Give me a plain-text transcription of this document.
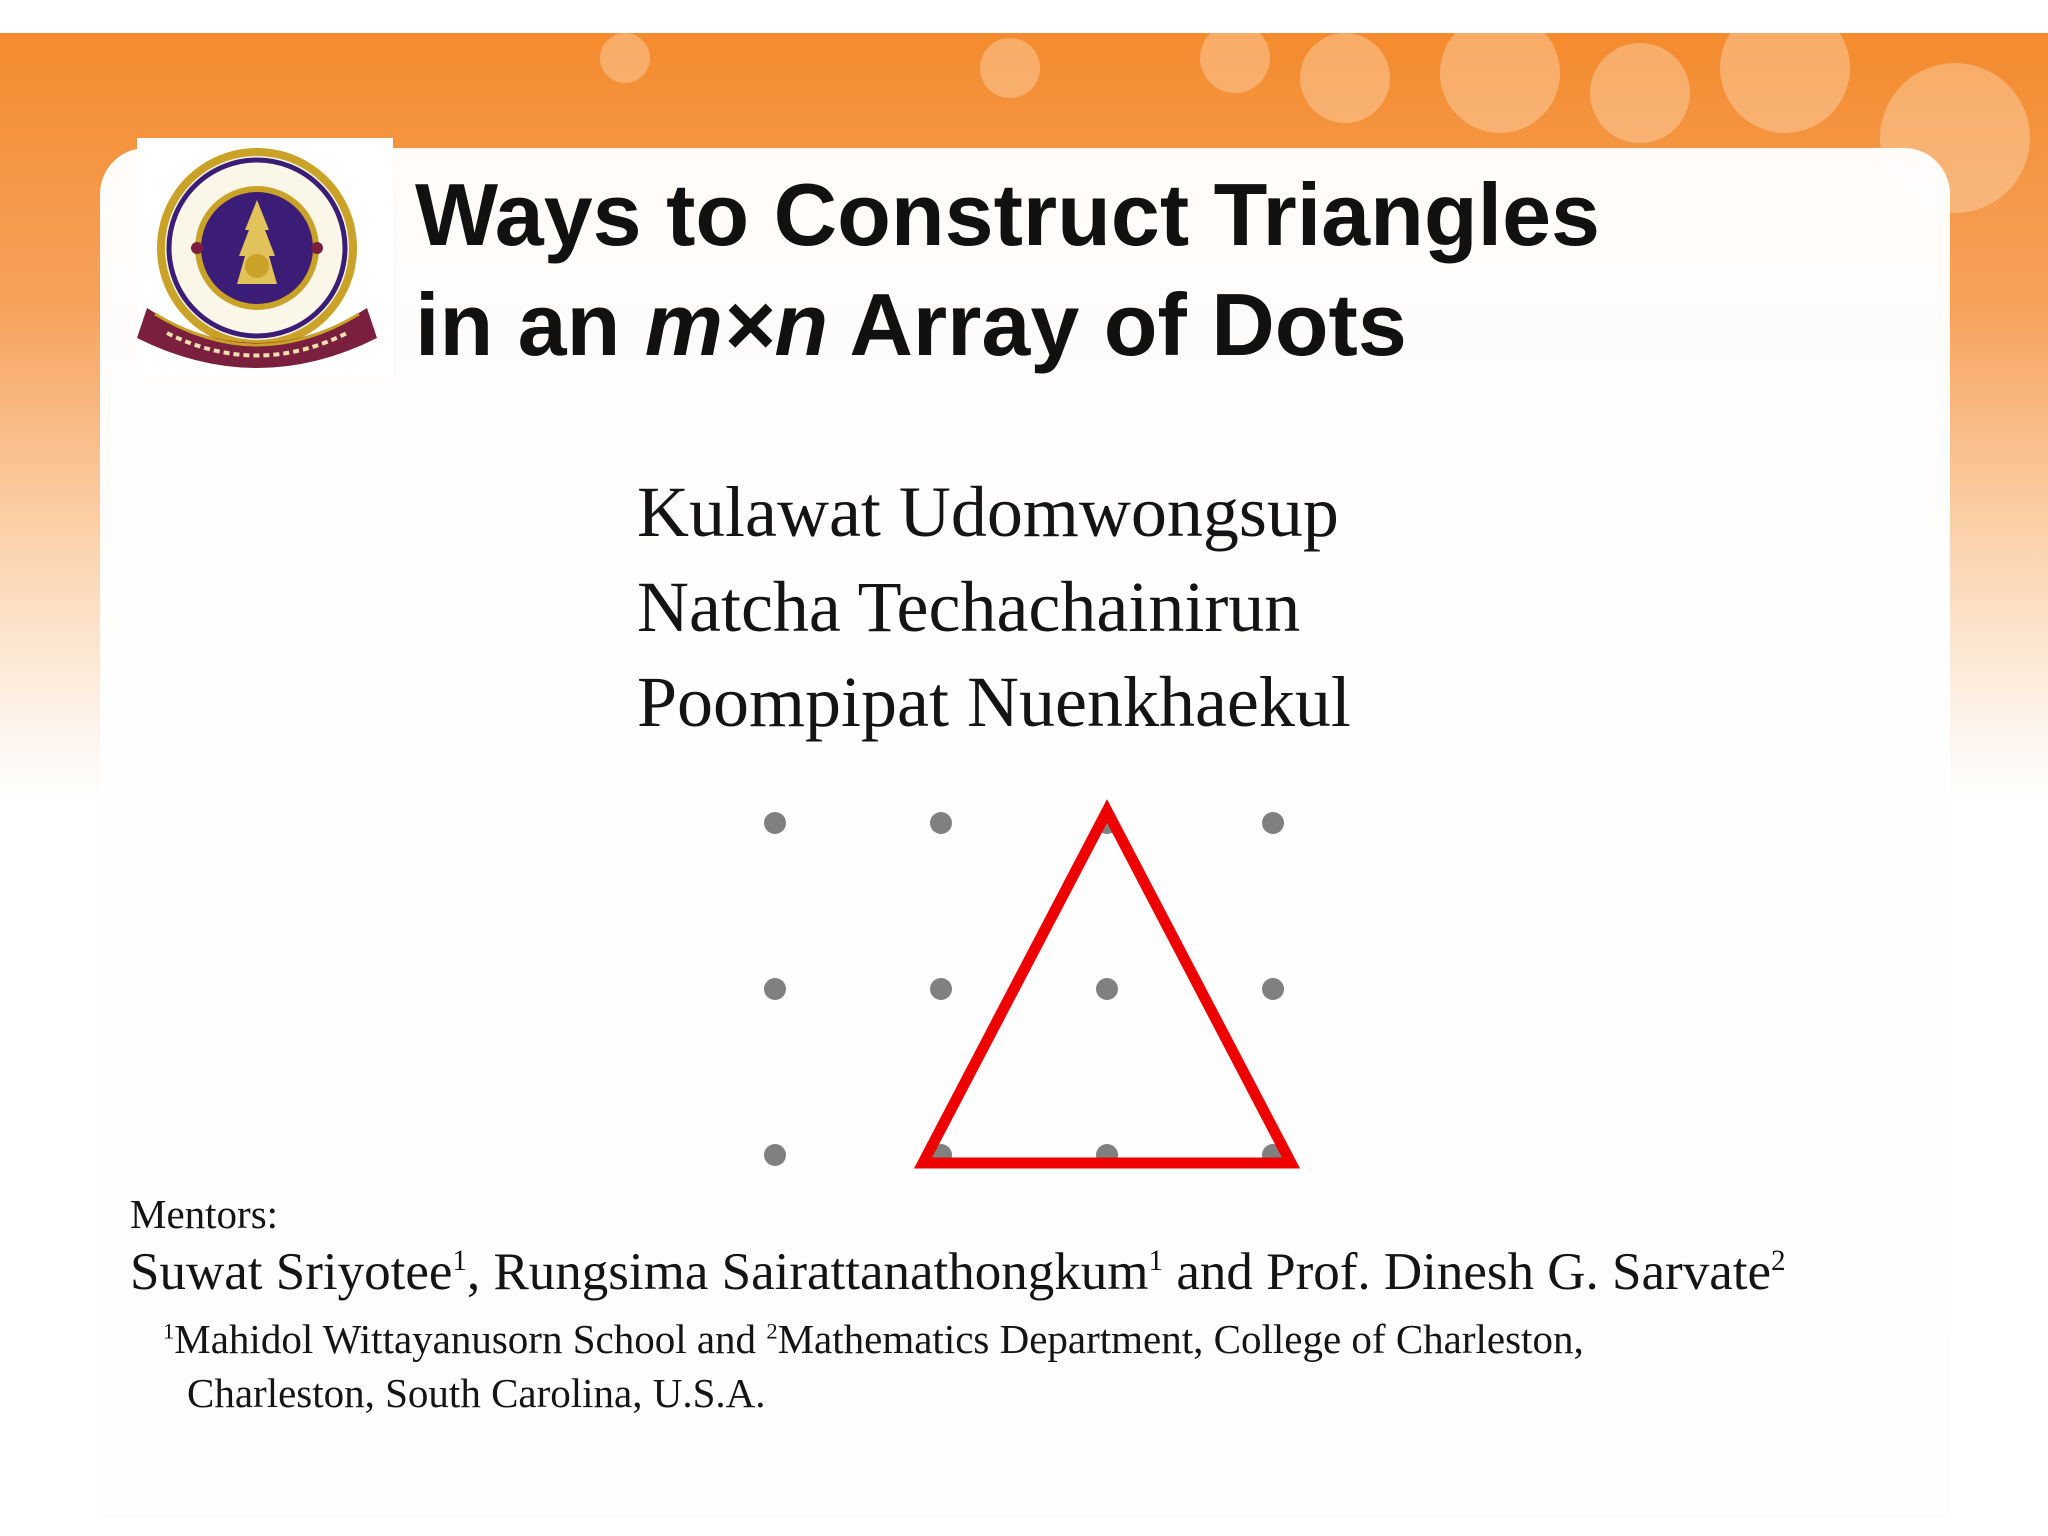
Ways to Construct Triangles
in an m×n Array of Dots
Kulawat Udomwongsup
Natcha Techachainirun
Poompipat Nuenkhaekul
Mentors:
Suwat Sriyotee$^1$, Rungsima Sairattanathongkum$^1$ and Prof. Dinesh G. Sarvate$^2$
$^1$Mahidol Wittayanusorn School and $^2$Mathematics Department, College of Charleston,
Charleston, South Carolina, U.S.A.
